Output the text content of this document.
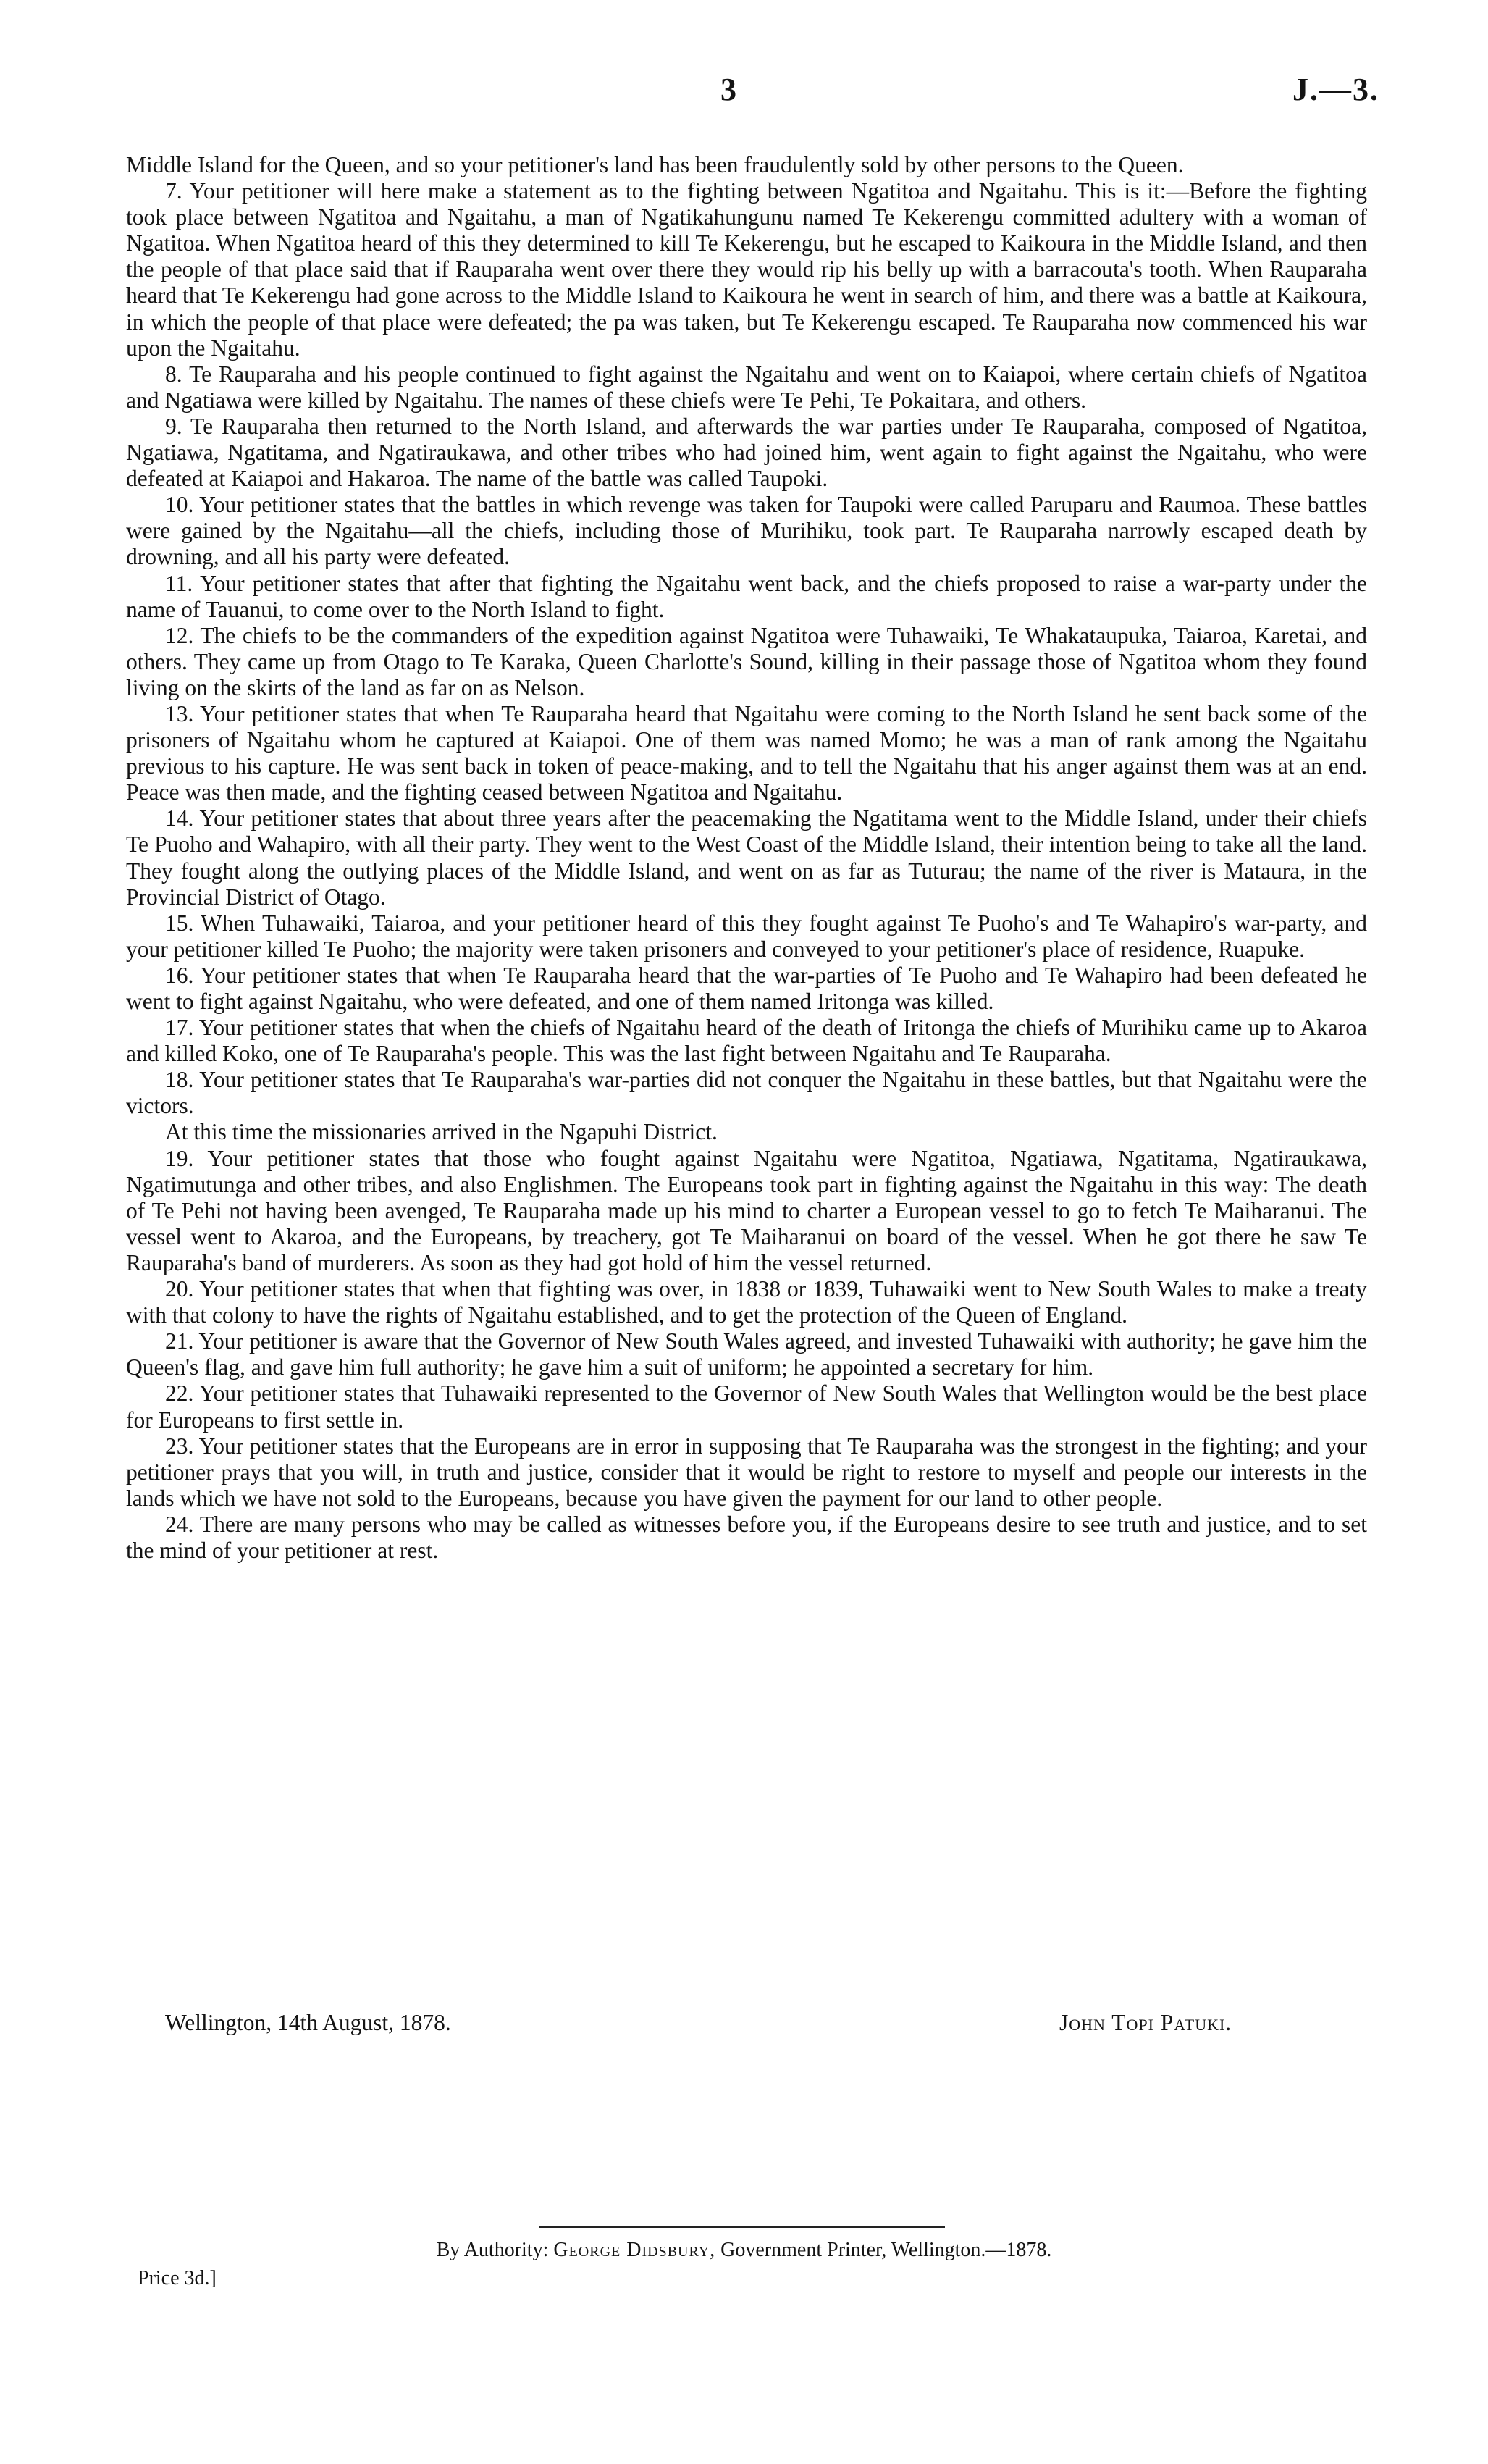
3	J.—3.

Middle Island for the Queen, and so your petitioner's land has been fraudulently sold by other persons to the Queen.

7. Your petitioner will here make a statement as to the fighting between Ngatitoa and Ngaitahu. This is it:—Before the fighting took place between Ngatitoa and Ngaitahu, a man of Ngatikahungunu named Te Kekerengu committed adultery with a woman of Ngatitoa. When Ngatitoa heard of this they determined to kill Te Kekerengu, but he escaped to Kaikoura in the Middle Island, and then the people of that place said that if Rauparaha went over there they would rip his belly up with a barracouta's tooth. When Rauparaha heard that Te Kekerengu had gone across to the Middle Island to Kaikoura he went in search of him, and there was a battle at Kaikoura, in which the people of that place were defeated; the pa was taken, but Te Kekerengu escaped. Te Rauparaha now commenced his war upon the Ngaitahu.

8. Te Rauparaha and his people continued to fight against the Ngaitahu and went on to Kaiapoi, where certain chiefs of Ngatitoa and Ngatiawa were killed by Ngaitahu. The names of these chiefs were Te Pehi, Te Pokaitara, and others.

9. Te Rauparaha then returned to the North Island, and afterwards the war parties under Te Rauparaha, composed of Ngatitoa, Ngatiawa, Ngatitama, and Ngatiraukawa, and other tribes who had joined him, went again to fight against the Ngaitahu, who were defeated at Kaiapoi and Hakaroa. The name of the battle was called Taupoki.

10. Your petitioner states that the battles in which revenge was taken for Taupoki were called Paruparu and Raumoa. These battles were gained by the Ngaitahu—all the chiefs, including those of Murihiku, took part. Te Rauparaha narrowly escaped death by drowning, and all his party were defeated.

11. Your petitioner states that after that fighting the Ngaitahu went back, and the chiefs proposed to raise a war-party under the name of Tauanui, to come over to the North Island to fight.

12. The chiefs to be the commanders of the expedition against Ngatitoa were Tuhawaiki, Te Whakataupuka, Taiaroa, Karetai, and others. They came up from Otago to Te Karaka, Queen Charlotte's Sound, killing in their passage those of Ngatitoa whom they found living on the skirts of the land as far on as Nelson.

13. Your petitioner states that when Te Rauparaha heard that Ngaitahu were coming to the North Island he sent back some of the prisoners of Ngaitahu whom he captured at Kaiapoi. One of them was named Momo; he was a man of rank among the Ngaitahu previous to his capture. He was sent back in token of peace-making, and to tell the Ngaitahu that his anger against them was at an end. Peace was then made, and the fighting ceased between Ngatitoa and Ngaitahu.

14. Your petitioner states that about three years after the peacemaking the Ngatitama went to the Middle Island, under their chiefs Te Puoho and Wahapiro, with all their party. They went to the West Coast of the Middle Island, their intention being to take all the land. They fought along the outlying places of the Middle Island, and went on as far as Tuturau; the name of the river is Mataura, in the Provincial District of Otago.

15. When Tuhawaiki, Taiaroa, and your petitioner heard of this they fought against Te Puoho's and Te Wahapiro's war-party, and your petitioner killed Te Puoho; the majority were taken prisoners and conveyed to your petitioner's place of residence, Ruapuke.

16. Your petitioner states that when Te Rauparaha heard that the war-parties of Te Puoho and Te Wahapiro had been defeated he went to fight against Ngaitahu, who were defeated, and one of them named Iritonga was killed.

17. Your petitioner states that when the chiefs of Ngaitahu heard of the death of Iritonga the chiefs of Murihiku came up to Akaroa and killed Koko, one of Te Rauparaha's people. This was the last fight between Ngaitahu and Te Rauparaha.

18. Your petitioner states that Te Rauparaha's war-parties did not conquer the Ngaitahu in these battles, but that Ngaitahu were the victors.

At this time the missionaries arrived in the Ngapuhi District.

19. Your petitioner states that those who fought against Ngaitahu were Ngatitoa, Ngatiawa, Ngatitama, Ngatiraukawa, Ngatimutunga and other tribes, and also Englishmen. The Europeans took part in fighting against the Ngaitahu in this way: The death of Te Pehi not having been avenged, Te Rauparaha made up his mind to charter a European vessel to go to fetch Te Maiharanui. The vessel went to Akaroa, and the Europeans, by treachery, got Te Maiharanui on board of the vessel. When he got there he saw Te Rauparaha's band of murderers. As soon as they had got hold of him the vessel returned.

20. Your petitioner states that when that fighting was over, in 1838 or 1839, Tuhawaiki went to New South Wales to make a treaty with that colony to have the rights of Ngaitahu established, and to get the protection of the Queen of England.

21. Your petitioner is aware that the Governor of New South Wales agreed, and invested Tuhawaiki with authority; he gave him the Queen's flag, and gave him full authority; he gave him a suit of uniform; he appointed a secretary for him.

22. Your petitioner states that Tuhawaiki represented to the Governor of New South Wales that Wellington would be the best place for Europeans to first settle in.

23. Your petitioner states that the Europeans are in error in supposing that Te Rauparaha was the strongest in the fighting; and your petitioner prays that you will, in truth and justice, consider that it would be right to restore to myself and people our interests in the lands which we have not sold to the Europeans, because you have given the payment for our land to other people.

24. There are many persons who may be called as witnesses before you, if the Europeans desire to see truth and justice, and to set the mind of your petitioner at rest.

Wellington, 14th August, 1878.	John Topi Patuki.
By Authority: George Didsbury, Government Printer, Wellington.—1878.
Price 3d.]
